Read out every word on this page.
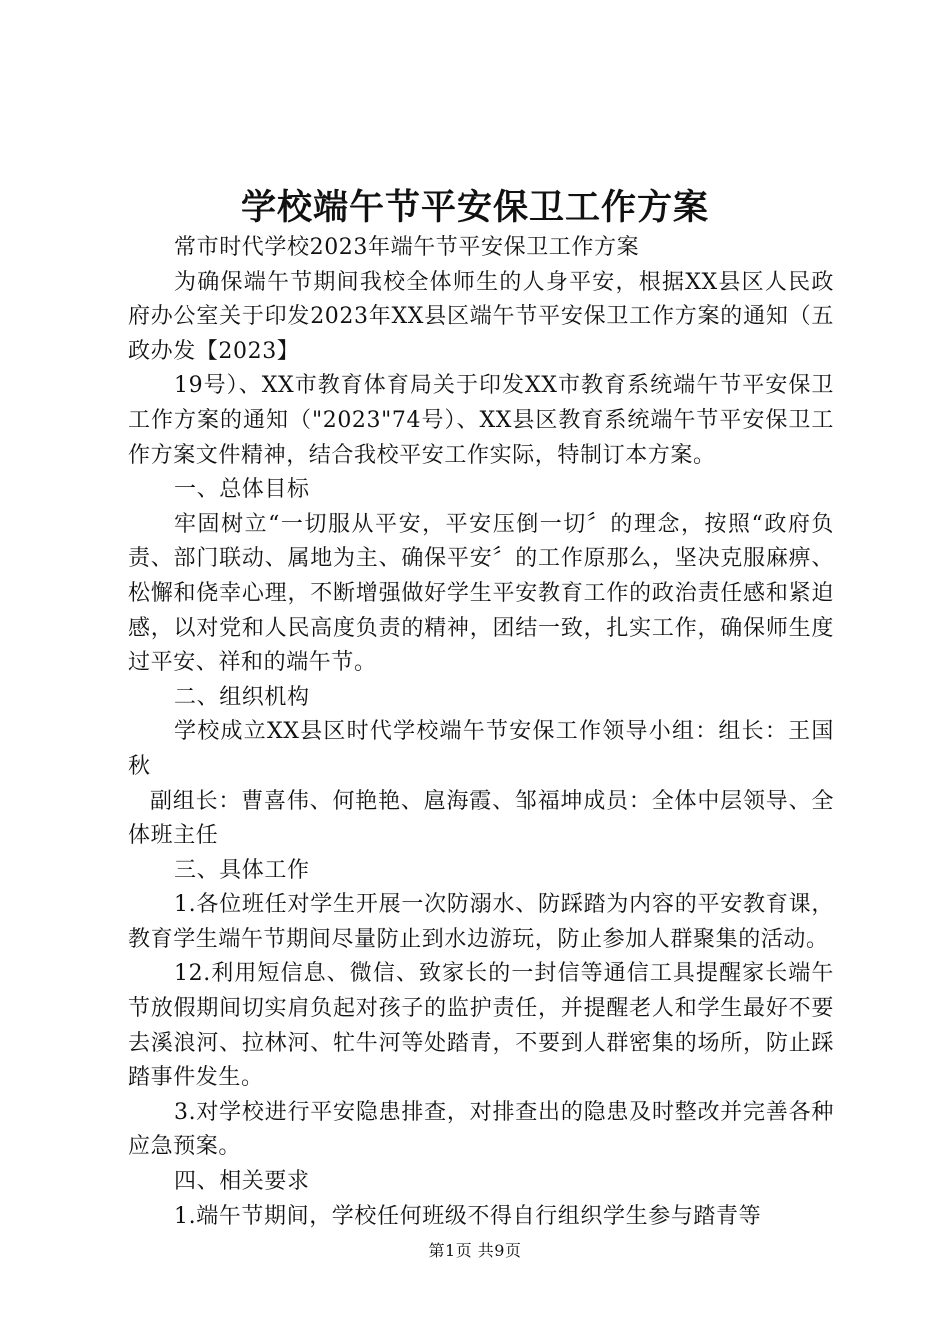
学校端午节平安保卫工作方案

常市时代学校2023年端午节平安保卫工作方案

为确保端午节期间我校全体师生的人身平安，根据XX县区人民政府办公室关于印发2023年XX县区端午节平安保卫工作方案的通知（五政办发【2023】

19号）、XX市教育体育局关于印发XX市教育系统端午节平安保卫工作方案的通知（"2023"74号）、XX县区教育系统端午节平安保卫工作方案文件精神，结合我校平安工作实际，特制订本方案。

一、总体目标

牢固树立“一切服从平安，平安压倒一切〞的理念，按照“政府负责、部门联动、属地为主、确保平安〞的工作原那么，坚决克服麻痹、松懈和侥幸心理，不断增强做好学生平安教育工作的政治责任感和紧迫感，以对党和人民高度负责的精神，团结一致，扎实工作，确保师生度过平安、祥和的端午节。

二、组织机构

学校成立XX县区时代学校端午节安保工作领导小组：组长：王国秋

副组长：曹喜伟、何艳艳、扈海霞、邹福坤成员：全体中层领导、全体班主任

三、具体工作

1.各位班任对学生开展一次防溺水、防踩踏为内容的平安教育课，教育学生端午节期间尽量防止到水边游玩，防止参加人群聚集的活动。

12.利用短信息、微信、致家长的一封信等通信工具提醒家长端午节放假期间切实肩负起对孩子的监护责任，并提醒老人和学生最好不要去溪浪河、拉林河、牤牛河等处踏青，不要到人群密集的场所，防止踩踏事件发生。

3.对学校进行平安隐患排查，对排查出的隐患及时整改并完善各种应急预案。

四、相关要求

1.端午节期间，学校任何班级不得自行组织学生参与踏青等

第1页 共9页
